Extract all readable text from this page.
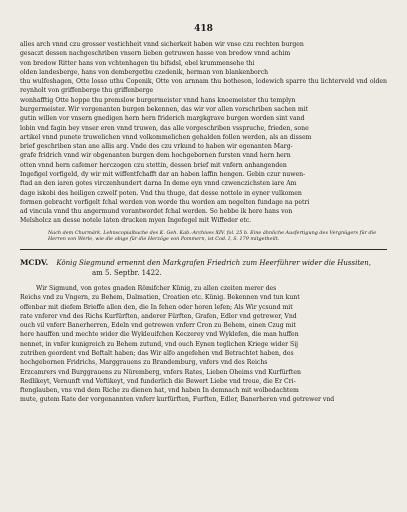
418
alles arch vnnd czu grosser vestichheit vnnd sicherkeit haben wir vnse czu rechten burgen
gesaczt dessen nachgeschriben vnsern lieben getruwen hasse von bredow vnnd achim
von bredow Ritter hans von vchtenhagen tiu bifsdsl, ebel krummensehe thi
olden landesberge, hans von dembergetbu czedenik, herman von blankenborch
thu wulfeshagen, Otte losso uthu Copenik, Otte von arnnam thu botheson, lodewich sparre thu lichterveld vnd olden reynholt von griffenberge thu griffenberge
wonhafftig Otte hoppe thu premslow burgermeister vnnd hans knoemeister thu templyn
burgermeister. Wir vorgenanten burgen bekennen, das wir vor allen vorschriben sachen mit
gutin willen vor vnsern gnedigen hern hern friderich margkgrave burgen worden sint vand
lobin vnd fagin bey vnser eren vnnd truwen, das alle vorgeschriben vsspruche, frieden, sone
artikel vnnd punete truwelichen vnnd volkommelichen gehalden follen werden, als an dissem
brief geschriben stan ane allis arg. Vnde des czu vrkund to haben wir egenanten Marg-
grafe fridrich vnnd wir obgenanten burgen dem hochgebornen fursten vnnd hern hern
otten vnnd hern cafemer herczogen czu stettin, dessen brief mit vnfern anhangenden
Ingefigel vorfigeld, dy wir mit wiffentfchafft dar an haben laffin hengen. Gebin czur nuwen-
ftad an den iaren gotes virczenhundert darna In deme eyn vnnd czwenczichsten iare Am
dage iskobi des heiligen czwelf poten. Vnd thu thuge, dat desse nottele in eyner vulkomen
formen gebracht vorfigelt fchal werden von worde thu worden am negelten fundage na petri
ad vincula vnnd thu angermund vorantwordet fchal werden. So hebbe ik here hans von
Melsholcz an desse notele laten drucken myen Ingefegel mit Wiffeder etc.
Nach dem Churmärk. Lehnscopialbuche des K. Geh. Kab.-Archives XIV. fol. 25 b. Eine ähnliche Ausfertigung des Vergnügers für die Herren von Werle, wie die obige für die Herzöge von Pommern, ist Cod. I, S. 179 mitgetheilt.
MCDV. König Siegmund ernennt den Markgrafen Friedrich zum Heerführer wider die Hussiten,
am 5. Septbr. 1422.
Wir Sigmund, von gotes gnaden Römifcher Künig, zu allen czeiten merer des
Reichs vnd zu Vngern, zu Behem, Dalmatien, Croatien etc. Künig. Bekennen vnd tun kunt
offenbar mit diefem Brieffe allen den, die In fehen oder horen lefen; Als Wir ycsund mit
rate vnferer vnd des Richs Kurfürften, anderer Fürften, Grafen, Edler vnd getrewer, Vnd
ouch vil vnferr Banerherren, Edeln vnd getrewen vnferr Cron zu Behem, einen Czug mit
here hauffen und mechte wider die Wykleuifchen Keczerey vnd Wyklefen, die man huffen
nennet, in vnfer kunigreich zu Behem zutund, vnd ouch Eynen teglichen Kriege wider Sij
zutriben geordent vnd Beftalt haben; das Wir alfo angefehen vnd Betrachtet haben, des
hochgebornen Fridrichs, Marggrauens zu Brandemburg, vnfers vnd des Reichs
Erzcamrers vnd Burggrauens zu Nüremberg, vnfers Rates, Lieben Oheims vnd Kurfürften
Redlikeyt, Vernunft vnd Veftikeyt, vnd funderlich die Bewert Liebe vnd treue, die Er Cri-
ftenglauben, vns vnd dem Riche zu dienen hat, vnd haben In demnach mit wolbedachtem
mute, gutem Rate der vorgenannten vnferr kurfürften, Furften, Edler, Banerheren vnd getrewer vnd
